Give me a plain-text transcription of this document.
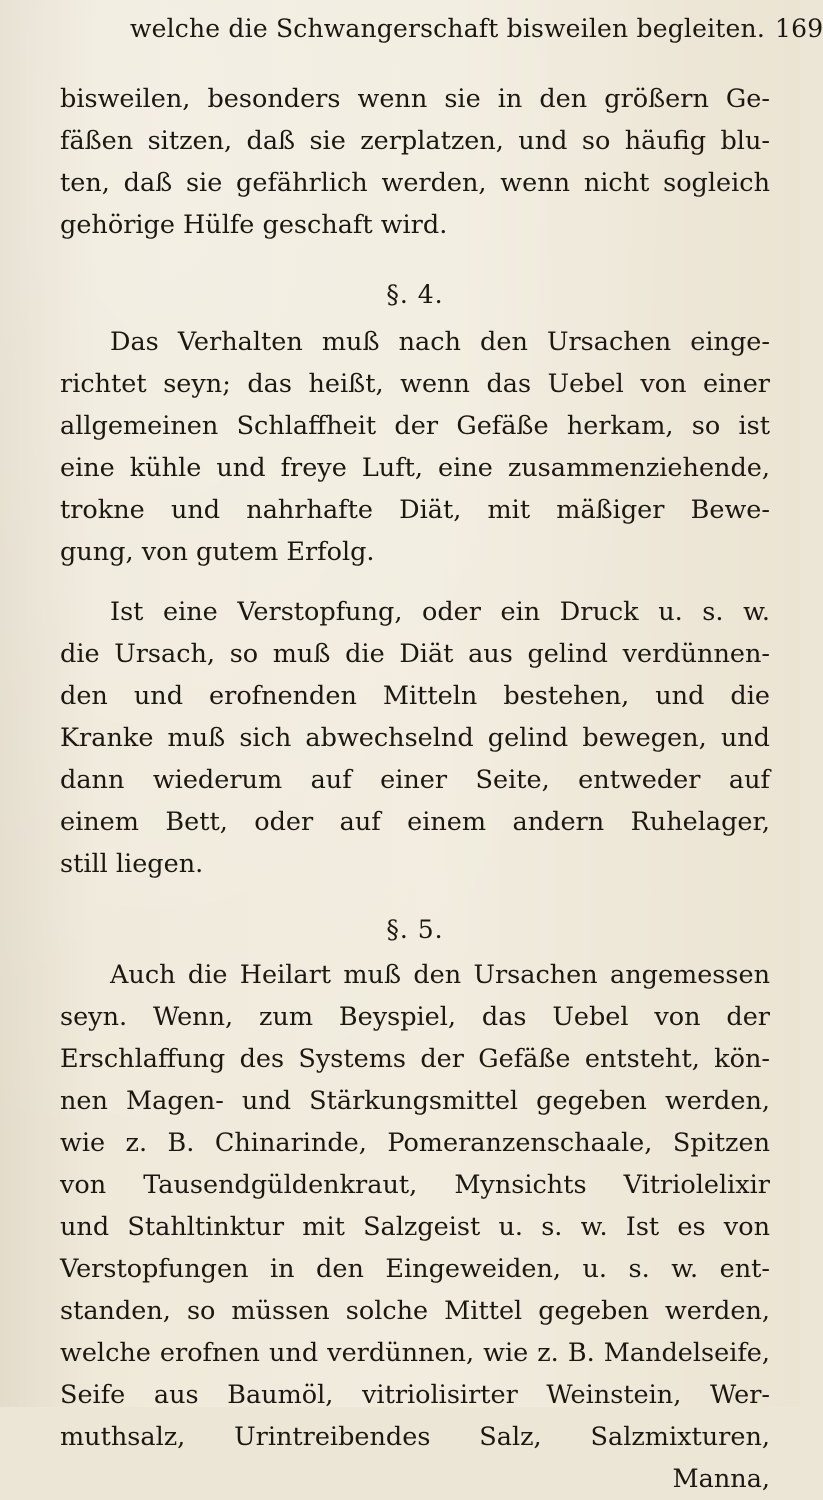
welche die Schwangerschaft bisweilen begleiten. 169

bisweilen, besonders wenn sie in den größern Ge-
fäßen sitzen, daß sie zerplatzen, und so häufig blu-
ten, daß sie gefährlich werden, wenn nicht sogleich
gehörige Hülfe geschaft wird.

§. 4.

Das Verhalten muß nach den Ursachen einge-
richtet seyn; das heißt, wenn das Uebel von einer
allgemeinen Schlaffheit der Gefäße herkam, so ist
eine kühle und freye Luft, eine zusammenziehende,
trokne und nahrhafte Diät, mit mäßiger Bewe-
gung, von gutem Erfolg.

Ist eine Verstopfung, oder ein Druck u. s. w.
die Ursach, so muß die Diät aus gelind verdünnen-
den und erofnenden Mitteln bestehen, und die
Kranke muß sich abwechselnd gelind bewegen, und
dann wiederum auf einer Seite, entweder auf
einem Bett, oder auf einem andern Ruhelager,
still liegen.

§. 5.

Auch die Heilart muß den Ursachen angemessen
seyn. Wenn, zum Beyspiel, das Uebel von der
Erschlaffung des Systems der Gefäße entsteht, kön-
nen Magen- und Stärkungsmittel gegeben werden,
wie z. B. Chinarinde, Pomeranzenschaale, Spitzen
von Tausendgüldenkraut, Mynsichts Vitriolelixir
und Stahltinktur mit Salzgeist u. s. w. Ist es von
Verstopfungen in den Eingeweiden, u. s. w. ent-
standen, so müssen solche Mittel gegeben werden,
welche erofnen und verdünnen, wie z. B. Mandelseife,
Seife aus Baumöl, vitriolisirter Weinstein, Wer-
muthsalz, Urintreibendes Salz, Salzmixturen,
Manna,
